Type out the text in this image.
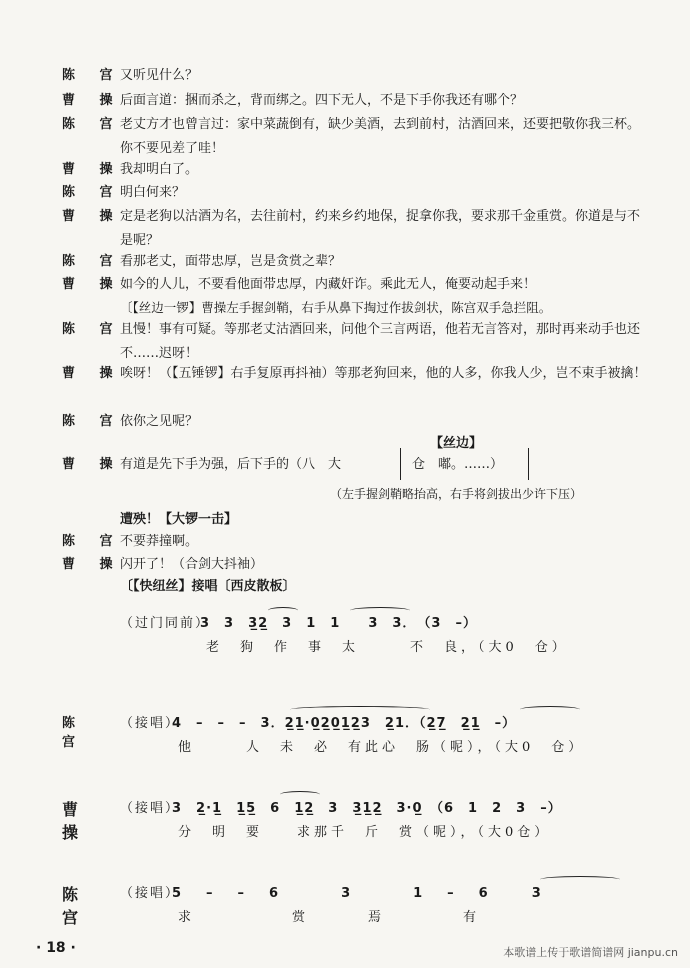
陈 宫
又听见什么？
曹 操
后面言道：捆而杀之，背而绑之。四下无人，不是下手你我还有哪个？
陈 宫
老丈方才也曾言过：家中菜蔬倒有，缺少美酒，去到前村，沽酒回来，还要把敬你我三杯。你不要见差了哇！
曹 操
我却明白了。
陈 宫
明白何来？
曹 操
定是老狗以沽酒为名，去往前村，约来乡约地保，捉拿你我，要求那千金重赏。你道是与不是呢？
陈 宫
看那老丈，面带忠厚，岂是贪赏之辈？
曹 操
如今的人儿，不要看他面带忠厚，内藏奸诈。乘此无人，俺要动起手来！
〔【丝边一锣】曹操左手握剑鞘，右手从鼻下掏过作拔剑状，陈宫双手急拦阻。
陈 宫
且慢！事有可疑。等那老丈沽酒回来，问他个三言两语，他若无言答对，那时再来动手也还不……迟呀！
曹 操
唉呀！（【五锤锣】右手复原再抖袖）等那老狗回来，他的人多，你我人少，岂不束手被擒！
陈 宫
依你之见呢？
【丝边】
曹 操
有道是先下手为强，后下手的（八　大	仓　嘟。……）
（左手握剑鞘略抬高，右手将剑拔出少许下压）
遭殃！【大锣一击】
陈 宫
不要莽撞啊。
曹 操
闪开了！（合剑大抖袖）
〔【快纽丝】接唱〔西皮散板〕
（过门同前）
3　3　3̲2̲　3　1　1　　3　3．　（3　–）
老　狗　作　事　太　　　不　良，（大0　仓）
陈 宫
（接唱）
4　–　–　–　3．2̲1̲·0̲2̲0̲1̲2̲3　2̲1．（2̲7̲　2̲1̲　–）
他　　　人　未　必　有此心　肠（呢），（大0　仓）
曹 操
（接唱）
3　2̲·1̲　1̲5̲　6　1̲2̲　3　3̲1̲2̲　3·0̲　（6　1　2　3　–）
分　明　要　　求那千　斤　赏（呢），（大0仓）
陈 宫
（接唱）
5　–　–　6　　　3　　　1　–　6　　3
求　　　　　赏　　　焉　　　　有
· 18 ·	本歌谱上传于歌谱简谱网 jianpu.cn
